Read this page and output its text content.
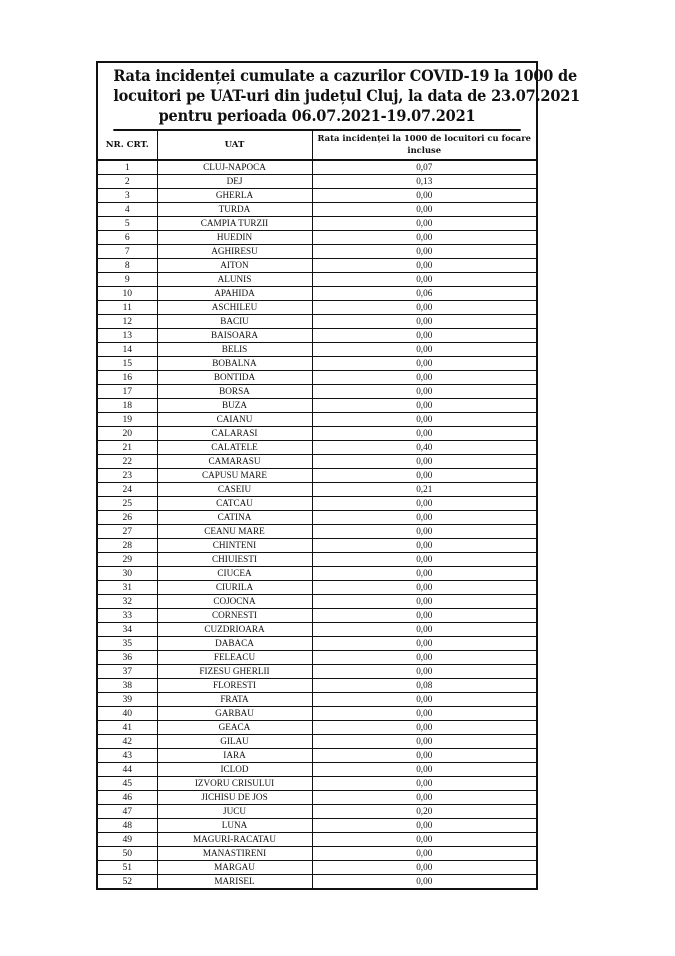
Rata incidenței cumulate a cazurilor COVID-19 la 1000 de
locuitori pe UAT-uri din județul Cluj, la data de 23.07.2021
pentru perioada 06.07.2021-19.07.2021
NR. CRT.	UAT	Rata incidenței la 1000 de locuitori cu focare incluse
1	CLUJ-NAPOCA	0,07
2	DEJ	0,13
3	GHERLA	0,00
4	TURDA	0,00
5	CAMPIA TURZII	0,00
6	HUEDIN	0,00
7	AGHIRESU	0,00
8	AITON	0,00
9	ALUNIS	0,00
10	APAHIDA	0,06
11	ASCHILEU	0,00
12	BACIU	0,00
13	BAISOARA	0,00
14	BELIS	0,00
15	BOBALNA	0,00
16	BONTIDA	0,00
17	BORSA	0,00
18	BUZA	0,00
19	CAIANU	0,00
20	CALARASI	0,00
21	CALATELE	0,40
22	CAMARASU	0,00
23	CAPUSU MARE	0,00
24	CASEIU	0,21
25	CATCAU	0,00
26	CATINA	0,00
27	CEANU MARE	0,00
28	CHINTENI	0,00
29	CHIUIESTI	0,00
30	CIUCEA	0,00
31	CIURILA	0,00
32	COJOCNA	0,00
33	CORNESTI	0,00
34	CUZDRIOARA	0,00
35	DABACA	0,00
36	FELEACU	0,00
37	FIZESU GHERLII	0,00
38	FLORESTI	0,08
39	FRATA	0,00
40	GARBAU	0,00
41	GEACA	0,00
42	GILAU	0,00
43	IARA	0,00
44	ICLOD	0,00
45	IZVORU CRISULUI	0,00
46	JICHISU DE JOS	0,00
47	JUCU	0,20
48	LUNA	0,00
49	MAGURI-RACATAU	0,00
50	MANASTIRENI	0,00
51	MARGAU	0,00
52	MARISEL	0,00
